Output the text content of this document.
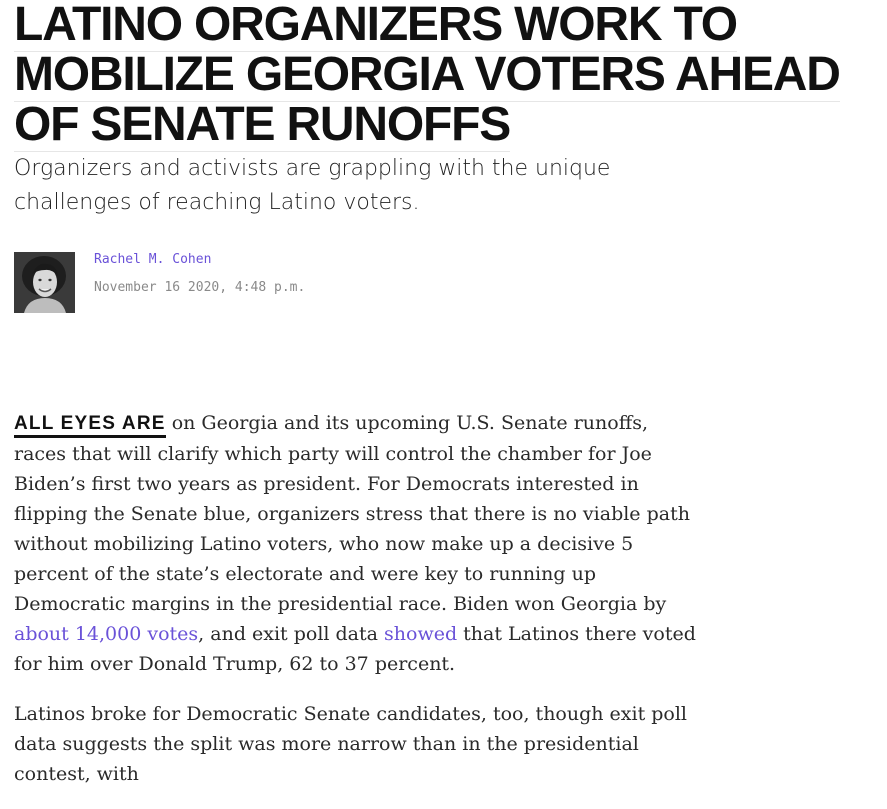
LATINO ORGANIZERS WORK TO MOBILIZE GEORGIA VOTERS AHEAD OF SENATE RUNOFFS
Organizers and activists are grappling with the unique challenges of reaching Latino voters.
Rachel M. Cohen
November 16 2020, 4:48 p.m.

ALL EYES ARE on Georgia and its upcoming U.S. Senate runoffs, races that will clarify which party will control the chamber for Joe Biden’s first two years as president. For Democrats interested in flipping the Senate blue, organizers stress that there is no viable path without mobilizing Latino voters, who now make up a decisive 5 percent of the state’s electorate and were key to running up Democratic margins in the presidential race. Biden won Georgia by about 14,000 votes, and exit poll data showed that Latinos there voted for him over Donald Trump, 62 to 37 percent.

Latinos broke for Democratic Senate candidates, too, though exit poll data suggests the split was more narrow than in the presidential contest, with
